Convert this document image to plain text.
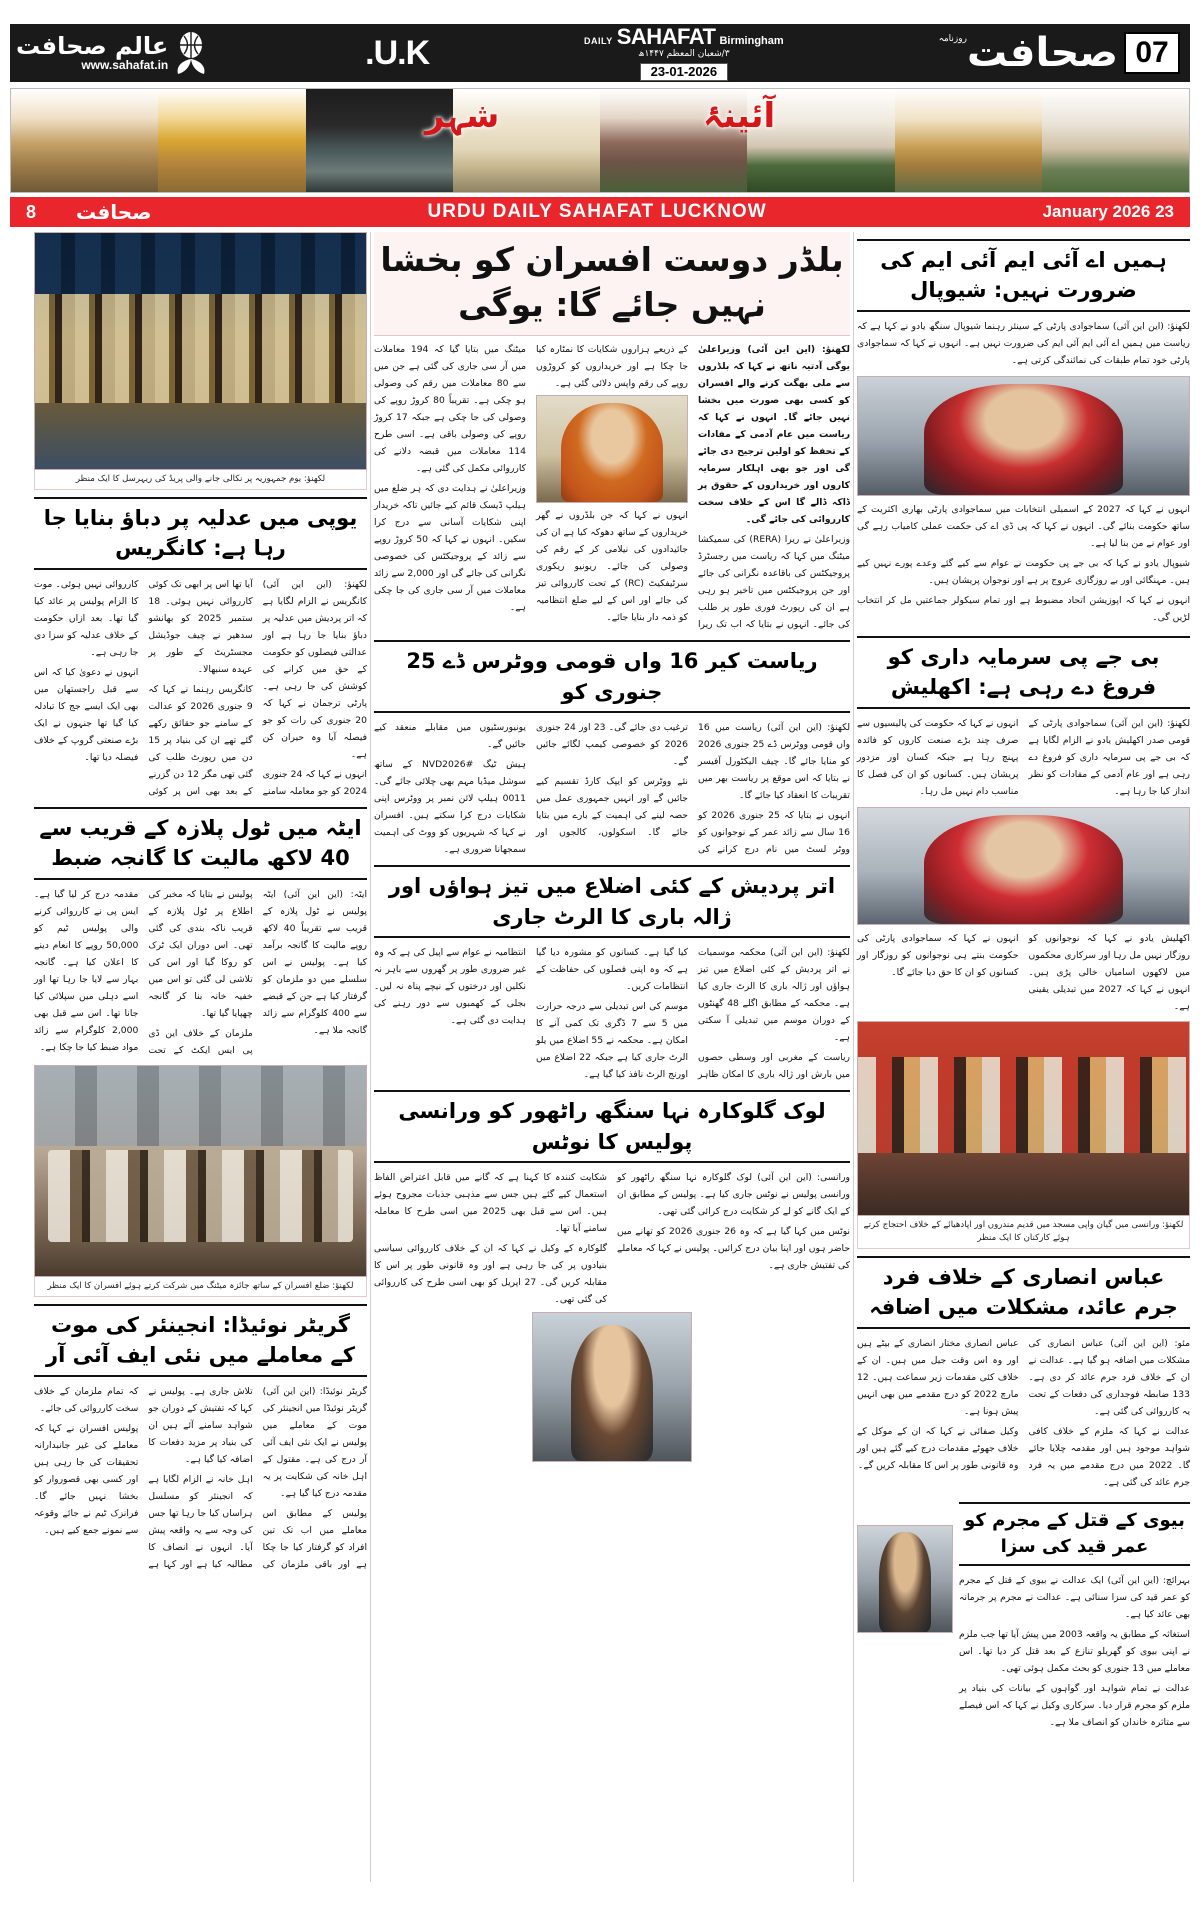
07
صحافت
روزنامہ
DAILY SAHAFAT Birmingham
۳/شعبان المعظم ۱۴۴۷ھ
23-01-2026
U.K.
عالم صحافت
www.sahafat.in
آئینۂ  شہر
23 January 2026
URDU DAILY SAHAFAT LUCKNOW
صحافت
8
ہمیں اے آئی ایم آئی ایم کی ضرورت نہیں: شیوپال

لکھنؤ: (این این آئی) سماجوادی پارٹی کے سینئر رہنما شیوپال سنگھ یادو نے کہا ہے کہ ریاست میں ہمیں اے آئی ایم آئی ایم کی ضرورت نہیں ہے۔ انہوں نے کہا کہ سماجوادی پارٹی خود تمام طبقات کی نمائندگی کرتی ہے۔

انہوں نے کہا کہ 2027 کے اسمبلی انتخابات میں سماجوادی پارٹی بھاری اکثریت کے ساتھ حکومت بنائے گی۔ انہوں نے کہا کہ پی ڈی اے کی حکمت عملی کامیاب رہے گی اور عوام نے من بنا لیا ہے۔

شیوپال یادو نے کہا کہ بی جے پی حکومت نے عوام سے کیے گئے وعدے پورے نہیں کیے ہیں۔ مہنگائی اور بے روزگاری عروج پر ہے اور نوجوان پریشان ہیں۔

انہوں نے کہا کہ اپوزیشن اتحاد مضبوط ہے اور تمام سیکولر جماعتیں مل کر انتخاب لڑیں گی۔

بی جے پی سرمایہ داری کو فروغ دے رہی ہے: اکھلیش

لکھنؤ: (این این آئی) سماجوادی پارٹی کے قومی صدر اکھلیش یادو نے الزام لگایا ہے کہ بی جے پی سرمایہ داری کو فروغ دے رہی ہے اور عام آدمی کے مفادات کو نظر انداز کیا جا رہا ہے۔

انہوں نے کہا کہ حکومت کی پالیسیوں سے صرف چند بڑے صنعت کاروں کو فائدہ پہنچ رہا ہے جبکہ کسان اور مزدور پریشان ہیں۔ کسانوں کو ان کی فصل کا مناسب دام نہیں مل رہا۔

اکھلیش یادو نے کہا کہ نوجوانوں کو روزگار نہیں مل رہا اور سرکاری محکموں میں لاکھوں اسامیاں خالی پڑی ہیں۔ انہوں نے کہا کہ 2027 میں تبدیلی یقینی ہے۔

انہوں نے کہا کہ سماجوادی پارٹی کی حکومت بنتے ہی نوجوانوں کو روزگار اور کسانوں کو ان کا حق دیا جائے گا۔

لکھنؤ: ورانسی میں گیان واپی مسجد میں قدیم مندروں اور اپادھیائے کے خلاف احتجاج کرتے ہوئے کارکنان کا ایک منظر
عباس انصاری کے خلاف فرد جرم عائد، مشکلات میں اضافہ

مئو: (این این آئی) عباس انصاری کی مشکلات میں اضافہ ہو گیا ہے۔ عدالت نے ان کے خلاف فرد جرم عائد کر دی ہے۔ 133 ضابطہ فوجداری کی دفعات کے تحت یہ کارروائی کی گئی ہے۔

عدالت نے کہا کہ ملزم کے خلاف کافی شواہد موجود ہیں اور مقدمہ چلایا جائے گا۔ 2022 میں درج مقدمے میں یہ فرد جرم عائد کی گئی ہے۔

عباس انصاری مختار انصاری کے بیٹے ہیں اور وہ اس وقت جیل میں ہیں۔ ان کے خلاف کئی مقدمات زیر سماعت ہیں۔ 12 مارچ 2022 کو درج مقدمے میں بھی انہیں پیش ہونا ہے۔

وکیل صفائی نے کہا کہ ان کے موکل کے خلاف جھوٹے مقدمات درج کیے گئے ہیں اور وہ قانونی طور پر اس کا مقابلہ کریں گے۔

بیوی کے قتل کے مجرم کو عمر قید کی سزا

بہرائچ: (این این آئی) ایک عدالت نے بیوی کے قتل کے مجرم کو عمر قید کی سزا سنائی ہے۔ عدالت نے مجرم پر جرمانہ بھی عائد کیا ہے۔

استغاثہ کے مطابق یہ واقعہ 2003 میں پیش آیا تھا جب ملزم نے اپنی بیوی کو گھریلو تنازع کے بعد قتل کر دیا تھا۔ اس معاملے میں 13 جنوری کو بحث مکمل ہوئی تھی۔

عدالت نے تمام شواہد اور گواہوں کے بیانات کی بنیاد پر ملزم کو مجرم قرار دیا۔ سرکاری وکیل نے کہا کہ اس فیصلے سے متاثرہ خاندان کو انصاف ملا ہے۔

بلڈر دوست افسران کو بخشا نہیں جائے گا: یوگی

لکھنؤ: (این این آئی) وزیراعلیٰ یوگی آدتیہ ناتھ نے کہا کہ بلڈروں سے ملی بھگت کرنے والے افسران کو کسی بھی صورت میں بخشا نہیں جائے گا۔ انہوں نے کہا کہ ریاست میں عام آدمی کے مفادات کے تحفظ کو اولین ترجیح دی جائے گی اور جو بھی اہلکار سرمایہ کاروں اور خریداروں کے حقوق پر ڈاکہ ڈالے گا اس کے خلاف سخت کارروائی کی جائے گی۔

وزیراعلیٰ نے ریرا (RERA) کی سمیکشا میٹنگ میں کہا کہ ریاست میں رجسٹرڈ پروجیکٹس کی باقاعدہ نگرانی کی جائے اور جن پروجیکٹس میں تاخیر ہو رہی ہے ان کی رپورٹ فوری طور پر طلب کی جائے۔ انہوں نے بتایا کہ اب تک ریرا کے ذریعے ہزاروں شکایات کا نمٹارہ کیا جا چکا ہے اور خریداروں کو کروڑوں روپے کی رقم واپس دلائی گئی ہے۔

انہوں نے کہا کہ جن بلڈروں نے گھر خریداروں کے ساتھ دھوکہ کیا ہے ان کی جائیدادوں کی نیلامی کر کے رقم کی وصولی کی جائے۔ ریونیو ریکوری سرٹیفکیٹ (RC) کے تحت کارروائی تیز کی جائے اور اس کے لیے ضلع انتظامیہ کو ذمہ دار بنایا جائے۔

میٹنگ میں بتایا گیا کہ 194 معاملات میں آر سی جاری کی گئی ہے جن میں سے 80 معاملات میں رقم کی وصولی ہو چکی ہے۔ تقریباً 80 کروڑ روپے کی وصولی کی جا چکی ہے جبکہ 17 کروڑ روپے کی وصولی باقی ہے۔ اسی طرح 114 معاملات میں قبضہ دلانے کی کارروائی مکمل کی گئی ہے۔

وزیراعلیٰ نے ہدایت دی کہ ہر ضلع میں ہیلپ ڈیسک قائم کیے جائیں تاکہ خریدار اپنی شکایات آسانی سے درج کرا سکیں۔ انہوں نے کہا کہ 50 کروڑ روپے سے زائد کے پروجیکٹس کی خصوصی نگرانی کی جائے گی اور 2,000 سے زائد معاملات میں آر سی جاری کی جا چکی ہے۔

ریاست کیر 16 واں قومی ووٹرس ڈے 25 جنوری کو

لکھنؤ: (این این آئی) ریاست میں 16 واں قومی ووٹرس ڈے 25 جنوری 2026 کو منایا جائے گا۔ چیف الیکٹورل آفیسر نے بتایا کہ اس موقع پر ریاست بھر میں تقریبات کا انعقاد کیا جائے گا۔

انہوں نے بتایا کہ 25 جنوری 2026 کو 16 سال سے زائد عمر کے نوجوانوں کو ووٹر لسٹ میں نام درج کرانے کی ترغیب دی جائے گی۔ 23 اور 24 جنوری 2026 کو خصوصی کیمپ لگائے جائیں گے۔

نئے ووٹرس کو ایپک کارڈ تقسیم کیے جائیں گے اور انہیں جمہوری عمل میں حصہ لینے کی اہمیت کے بارے میں بتایا جائے گا۔ اسکولوں، کالجوں اور یونیورسٹیوں میں مقابلے منعقد کیے جائیں گے۔

ہیش ٹیگ #NVD2026 کے ساتھ سوشل میڈیا مہم بھی چلائی جائے گی۔ 0011 ہیلپ لائن نمبر پر ووٹرس اپنی شکایات درج کرا سکتے ہیں۔ افسران نے کہا کہ شہریوں کو ووٹ کی اہمیت سمجھانا ضروری ہے۔

اتر پردیش کے کئی اضلاع میں تیز ہواؤں اور ژالہ باری کا الرٹ جاری

لکھنؤ: (این این آئی) محکمہ موسمیات نے اتر پردیش کے کئی اضلاع میں تیز ہواؤں اور ژالہ باری کا الرٹ جاری کیا ہے۔ محکمہ کے مطابق اگلے 48 گھنٹوں کے دوران موسم میں تبدیلی آ سکتی ہے۔

ریاست کے مغربی اور وسطی حصوں میں بارش اور ژالہ باری کا امکان ظاہر کیا گیا ہے۔ کسانوں کو مشورہ دیا گیا ہے کہ وہ اپنی فصلوں کی حفاظت کے انتظامات کریں۔

موسم کی اس تبدیلی سے درجہ حرارت میں 5 سے 7 ڈگری تک کمی آنے کا امکان ہے۔ محکمہ نے 55 اضلاع میں یلو الرٹ جاری کیا ہے جبکہ 22 اضلاع میں اورنج الرٹ نافذ کیا گیا ہے۔

انتظامیہ نے عوام سے اپیل کی ہے کہ وہ غیر ضروری طور پر گھروں سے باہر نہ نکلیں اور درختوں کے نیچے پناہ نہ لیں۔ بجلی کے کھمبوں سے دور رہنے کی ہدایت دی گئی ہے۔

لوک گلوکارہ نہا سنگھ راٹھور کو ورانسی پولیس کا نوٹس

ورانسی: (این این آئی) لوک گلوکارہ نہا سنگھ راٹھور کو ورانسی پولیس نے نوٹس جاری کیا ہے۔ پولیس کے مطابق ان کے ایک گانے کو لے کر شکایت درج کرائی گئی تھی۔

نوٹس میں کہا گیا ہے کہ وہ 26 جنوری 2026 کو تھانے میں حاضر ہوں اور اپنا بیان درج کرائیں۔ پولیس نے کہا کہ معاملے کی تفتیش جاری ہے۔

شکایت کنندہ کا کہنا ہے کہ گانے میں قابل اعتراض الفاظ استعمال کیے گئے ہیں جس سے مذہبی جذبات مجروح ہوئے ہیں۔ اس سے قبل بھی 2025 میں اسی طرح کا معاملہ سامنے آیا تھا۔

گلوکارہ کے وکیل نے کہا کہ ان کے خلاف کارروائی سیاسی بنیادوں پر کی جا رہی ہے اور وہ قانونی طور پر اس کا مقابلہ کریں گی۔ 27 اپریل کو بھی اسی طرح کی کارروائی کی گئی تھی۔

لکھنؤ: یوم جمہوریہ پر نکالی جانے والی پریڈ کی ریہرسل کا ایک منظر
یوپی میں عدلیہ پر دباؤ بنایا جا رہا ہے: کانگریس

لکھنؤ: (این این آئی) کانگریس نے الزام لگایا ہے کہ اتر پردیش میں عدلیہ پر دباؤ بنایا جا رہا ہے اور عدالتی فیصلوں کو حکومت کے حق میں کرانے کی کوشش کی جا رہی ہے۔ پارٹی ترجمان نے کہا کہ 20 جنوری کی رات کو جو فیصلہ آیا وہ حیران کن ہے۔

انہوں نے کہا کہ 24 جنوری 2024 کو جو معاملہ سامنے آیا تھا اس پر ابھی تک کوئی کارروائی نہیں ہوئی۔ 18 ستمبر 2025 کو بھانشو سدھیر نے چیف جوڈیشل مجسٹریٹ کے طور پر عہدہ سنبھالا۔

کانگریس رہنما نے کہا کہ 9 جنوری 2026 کو عدالت کے سامنے جو حقائق رکھے گئے تھے ان کی بنیاد پر 15 دن میں رپورٹ طلب کی گئی تھی مگر 12 دن گزرنے کے بعد بھی اس پر کوئی کارروائی نہیں ہوئی۔ موت کا الزام پولیس پر عائد کیا گیا تھا۔ بعد ازاں حکومت کے خلاف عدلیہ کو سزا دی جا رہی ہے۔

انہوں نے دعویٰ کیا کہ اس سے قبل راجستھان میں بھی ایک ایسے جج کا تبادلہ کیا گیا تھا جنہوں نے ایک بڑے صنعتی گروپ کے خلاف فیصلہ دیا تھا۔

ایٹہ میں ٹول پلازہ کے قریب سے 40 لاکھ مالیت کا گانجہ ضبط

ایٹہ: (این این آئی) ایٹہ پولیس نے ٹول پلازہ کے قریب سے تقریباً 40 لاکھ روپے مالیت کا گانجہ برآمد کیا ہے۔ پولیس نے اس سلسلے میں دو ملزمان کو گرفتار کیا ہے جن کے قبضے سے 400 کلوگرام سے زائد گانجہ ملا ہے۔

پولیس نے بتایا کہ مخبر کی اطلاع پر ٹول پلازہ کے قریب ناکہ بندی کی گئی تھی۔ اس دوران ایک ٹرک کو روکا گیا اور اس کی تلاشی لی گئی تو اس میں خفیہ خانہ بنا کر گانجہ چھپایا گیا تھا۔

ملزمان کے خلاف این ڈی پی ایس ایکٹ کے تحت مقدمہ درج کر لیا گیا ہے۔ ایس پی نے کارروائی کرنے والی پولیس ٹیم کو 50,000 روپے کا انعام دینے کا اعلان کیا ہے۔ گانجہ بہار سے لایا جا رہا تھا اور اسے دہلی میں سپلائی کیا جانا تھا۔ اس سے قبل بھی 2,000 کلوگرام سے زائد مواد ضبط کیا جا چکا ہے۔

لکھنؤ: ضلع افسران کے ساتھ جائزہ میٹنگ میں شرکت کرتے ہوئے افسران کا ایک منظر
گریٹر نوئیڈا: انجینئر کی موت کے معاملے میں نئی ایف آئی آر

گریٹر نوئیڈا: (این این آئی) گریٹر نوئیڈا میں انجینئر کی موت کے معاملے میں پولیس نے ایک نئی ایف آئی آر درج کی ہے۔ مقتول کے اہل خانہ کی شکایت پر یہ مقدمہ درج کیا گیا ہے۔

پولیس کے مطابق اس معاملے میں اب تک تین افراد کو گرفتار کیا جا چکا ہے اور باقی ملزمان کی تلاش جاری ہے۔ پولیس نے کہا کہ تفتیش کے دوران جو شواہد سامنے آئے ہیں ان کی بنیاد پر مزید دفعات کا اضافہ کیا گیا ہے۔

اہل خانہ نے الزام لگایا ہے کہ انجینئر کو مسلسل ہراساں کیا جا رہا تھا جس کی وجہ سے یہ واقعہ پیش آیا۔ انہوں نے انصاف کا مطالبہ کیا ہے اور کہا ہے کہ تمام ملزمان کے خلاف سخت کارروائی کی جائے۔

پولیس افسران نے کہا کہ معاملے کی غیر جانبدارانہ تحقیقات کی جا رہی ہیں اور کسی بھی قصوروار کو بخشا نہیں جائے گا۔ فرانزک ٹیم نے جائے وقوعہ سے نمونے جمع کیے ہیں۔
